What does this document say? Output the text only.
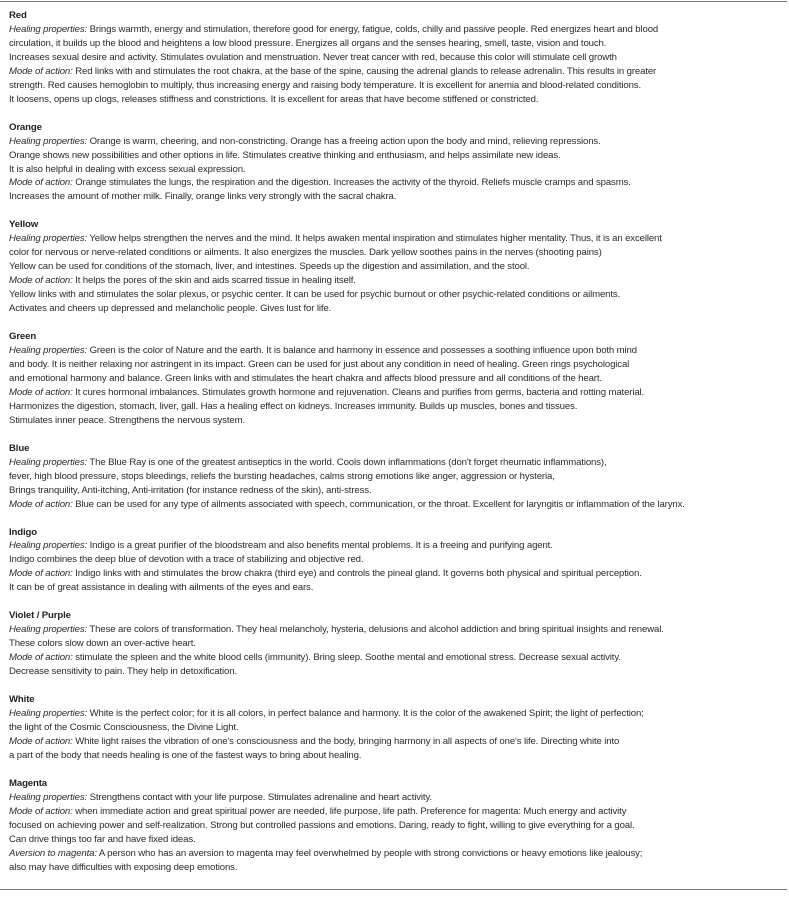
Red
Healing properties: Brings warmth, energy and stimulation, therefore good for energy, fatigue, colds, chilly and passive people. Red energizes heart and blood
circulation, it builds up the blood and heightens a low blood pressure. Energizes all organs and the senses hearing, smell, taste, vision and touch.
Increases sexual desire and activity. Stimulates ovulation and menstruation. Never treat cancer with red, because this color will stimulate cell growth
Mode of action: Red links with and stimulates the root chakra, at the base of the spine, causing the adrenal glands to release adrenalin. This results in greater
strength. Red causes hemoglobin to multiply, thus increasing energy and raising body temperature. It is excellent for anemia and blood-related conditions.
It loosens, opens up clogs, releases stiffness and constrictions. It is excellent for areas that have become stiffened or constricted.
Orange
Healing properties: Orange is warm, cheering, and non-constricting. Orange has a freeing action upon the body and mind, relieving repressions.
Orange shows new possibilities and other options in life. Stimulates creative thinking and enthusiasm, and helps assimilate new ideas.
It is also helpful in dealing with excess sexual expression.
Mode of action: Orange stimulates the lungs, the respiration and the digestion. Increases the activity of the thyroid. Reliefs muscle cramps and spasms.
Increases the amount of mother milk. Finally, orange links very strongly with the sacral chakra.
Yellow
Healing properties: Yellow helps strengthen the nerves and the mind. It helps awaken mental inspiration and stimulates higher mentality. Thus, it is an excellent
color for nervous or nerve-related conditions or ailments. It also energizes the muscles. Dark yellow soothes pains in the nerves (shooting pains)
Yellow can be used for conditions of the stomach, liver, and intestines. Speeds up the digestion and assimilation, and the stool.
Mode of action: It helps the pores of the skin and aids scarred tissue in healing itself.
Yellow links with and stimulates the solar plexus, or psychic center. It can be used for psychic burnout or other psychic-related conditions or ailments.
Activates and cheers up depressed and melancholic people. Gives lust for life.
Green
Healing properties: Green is the color of Nature and the earth. It is balance and harmony in essence and possesses a soothing influence upon both mind
and body. It is neither relaxing nor astringent in its impact. Green can be used for just about any condition in need of healing. Green rings psychological
and emotional harmony and balance. Green links with and stimulates the heart chakra and affects blood pressure and all conditions of the heart.
Mode of action: It cures hormonal imbalances. Stimulates growth hormone and rejuvenation. Cleans and purifies from germs, bacteria and rotting material.
Harmonizes the digestion, stomach, liver, gall. Has a healing effect on kidneys. Increases immunity. Builds up muscles, bones and tissues.
Stimulates inner peace. Strengthens the nervous system.
Blue
Healing properties: The Blue Ray is one of the greatest antiseptics in the world. Cools down inflammations (don't forget rheumatic inflammations),
fever, high blood pressure, stops bleedings, reliefs the bursting headaches, calms strong emotions like anger, aggression or hysteria,
Brings tranquility, Anti-itching, Anti-irritation (for instance redness of the skin), anti-stress.
Mode of action: Blue can be used for any type of ailments associated with speech, communication, or the throat. Excellent for laryngitis or inflammation of the larynx.
Indigo
Healing properties: Indigo is a great purifier of the bloodstream and also benefits mental problems. It is a freeing and purifying agent.
Indigo combines the deep blue of devotion with a trace of stabilizing and objective red.
Mode of action: Indigo links with and stimulates the brow chakra (third eye) and controls the pineal gland. It governs both physical and spiritual perception.
It can be of great assistance in dealing with ailments of the eyes and ears.
Violet / Purple
Healing properties: These are colors of transformation. They heal melancholy, hysteria, delusions and alcohol addiction and bring spiritual insights and renewal.
These colors slow down an over-active heart.
Mode of action: stimulate the spleen and the white blood cells (immunity). Bring sleep. Soothe mental and emotional stress. Decrease sexual activity.
Decrease sensitivity to pain. They help in detoxification.
White
Healing properties: White is the perfect color; for it is all colors, in perfect balance and harmony. It is the color of the awakened Spirit; the light of perfection;
the light of the Cosmic Consciousness, the Divine Light.
Mode of action: White light raises the vibration of one's consciousness and the body, bringing harmony in all aspects of one's life. Directing white into
a part of the body that needs healing is one of the fastest ways to bring about healing.
Magenta
Healing properties: Strengthens contact with your life purpose. Stimulates adrenaline and heart activity.
Mode of action: when immediate action and great spiritual power are needed, life purpose, life path. Preference for magenta: Much energy and activity
focused on achieving power and self-realization. Strong but controlled passions and emotions. Daring, ready to fight, willing to give everything for a goal.
Can drive things too far and have fixed ideas.
Aversion to magenta: A person who has an aversion to magenta may feel overwhelmed by people with strong convictions or heavy emotions like jealousy;
also may have difficulties with exposing deep emotions.
